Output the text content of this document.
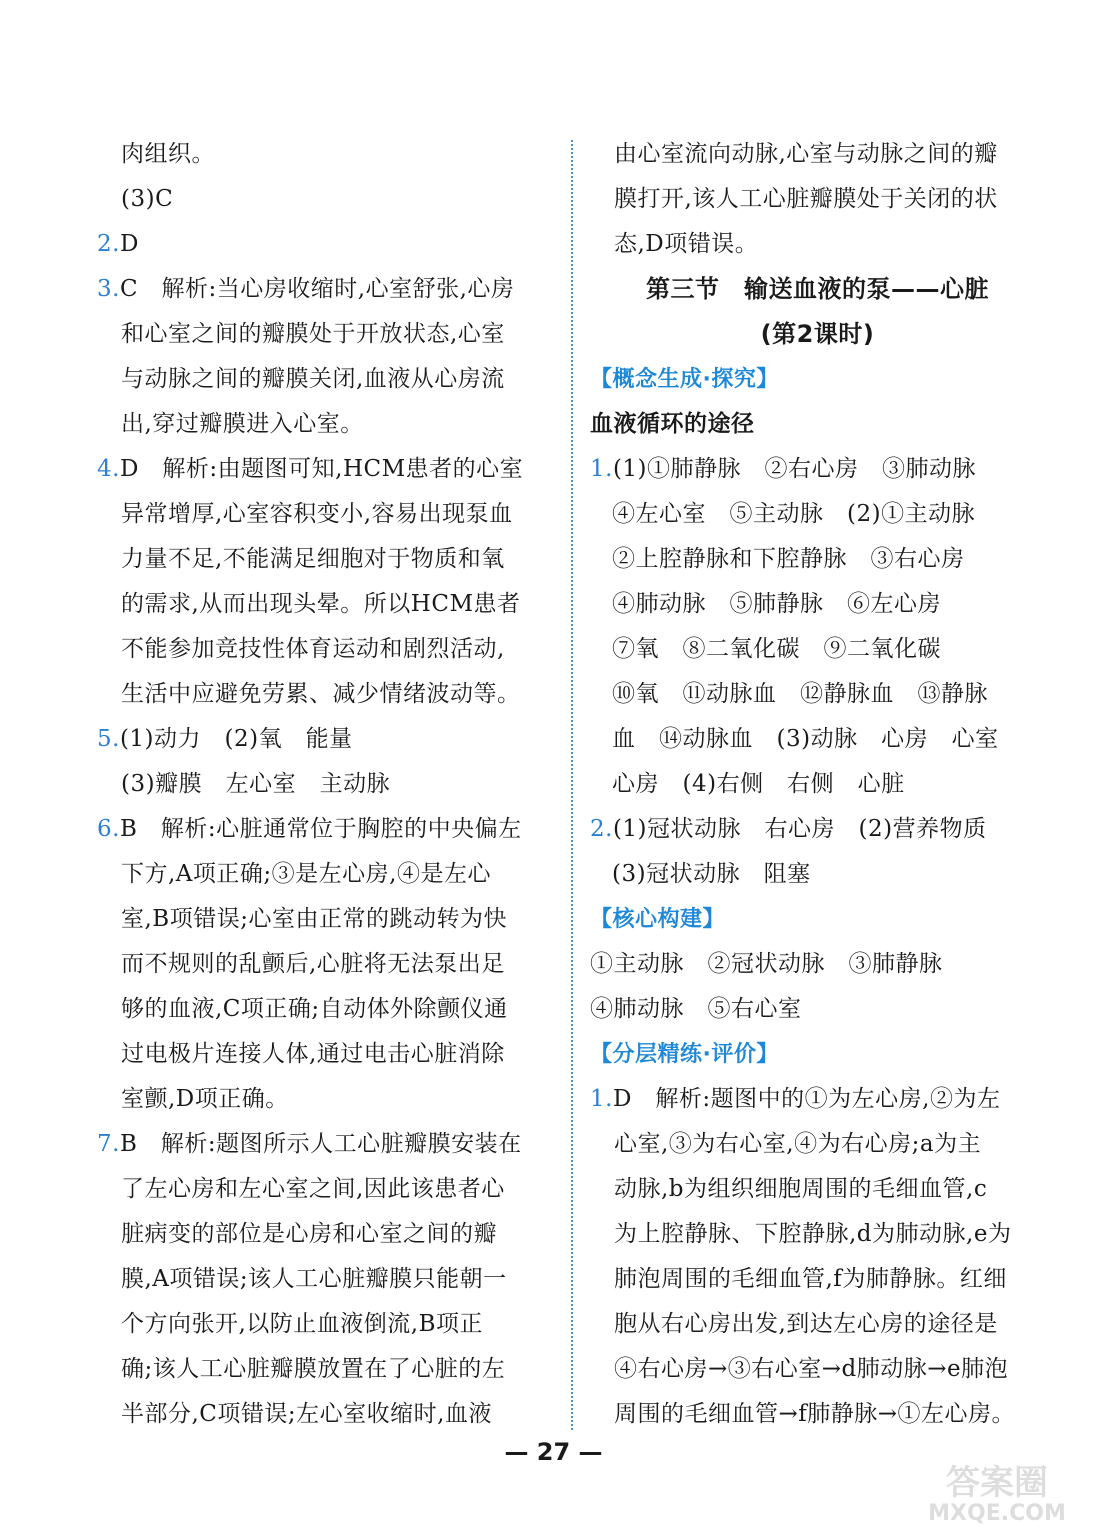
肉组织。
(3)C
2.D
3.C　解析:当心房收缩时,心室舒张,心房
和心室之间的瓣膜处于开放状态,心室
与动脉之间的瓣膜关闭,血液从心房流
出,穿过瓣膜进入心室。
4.D　解析:由题图可知,HCM患者的心室
异常增厚,心室容积变小,容易出现泵血
力量不足,不能满足细胞对于物质和氧
的需求,从而出现头晕。所以HCM患者
不能参加竞技性体育运动和剧烈活动,
生活中应避免劳累、减少情绪波动等。
5.(1)动力　(2)氧　能量
(3)瓣膜　左心室　主动脉
6.B　解析:心脏通常位于胸腔的中央偏左
下方,A项正确;③是左心房,④是左心
室,B项错误;心室由正常的跳动转为快
而不规则的乱颤后,心脏将无法泵出足
够的血液,C项正确;自动体外除颤仪通
过电极片连接人体,通过电击心脏消除
室颤,D项正确。
7.B　解析:题图所示人工心脏瓣膜安装在
了左心房和左心室之间,因此该患者心
脏病变的部位是心房和心室之间的瓣
膜,A项错误;该人工心脏瓣膜只能朝一
个方向张开,以防止血液倒流,B项正
确;该人工心脏瓣膜放置在了心脏的左
半部分,C项错误;左心室收缩时,血液
由心室流向动脉,心室与动脉之间的瓣
膜打开,该人工心脏瓣膜处于关闭的状
态,D项错误。
第三节　输送血液的泵——心脏
(第2课时)
【概念生成·探究】
血液循环的途径
1.(1)①肺静脉　②右心房　③肺动脉
④左心室　⑤主动脉　(2)①主动脉
②上腔静脉和下腔静脉　③右心房
④肺动脉　⑤肺静脉　⑥左心房
⑦氧　⑧二氧化碳　⑨二氧化碳
⑩氧　⑪动脉血　⑫静脉血　⑬静脉
血　⑭动脉血　(3)动脉　心房　心室
心房　(4)右侧　右侧　心脏
2.(1)冠状动脉　右心房　(2)营养物质
(3)冠状动脉　阻塞
【核心构建】
①主动脉　②冠状动脉　③肺静脉
④肺动脉　⑤右心室
【分层精练·评价】
1.D　解析:题图中的①为左心房,②为左
心室,③为右心室,④为右心房;a为主
动脉,b为组织细胞周围的毛细血管,c
为上腔静脉、下腔静脉,d为肺动脉,e为
肺泡周围的毛细血管,f为肺静脉。红细
胞从右心房出发,到达左心房的途径是
④右心房→③右心室→d肺动脉→e肺泡
周围的毛细血管→f肺静脉→①左心房。
— 27 —
答案圈
MXQE.COM
